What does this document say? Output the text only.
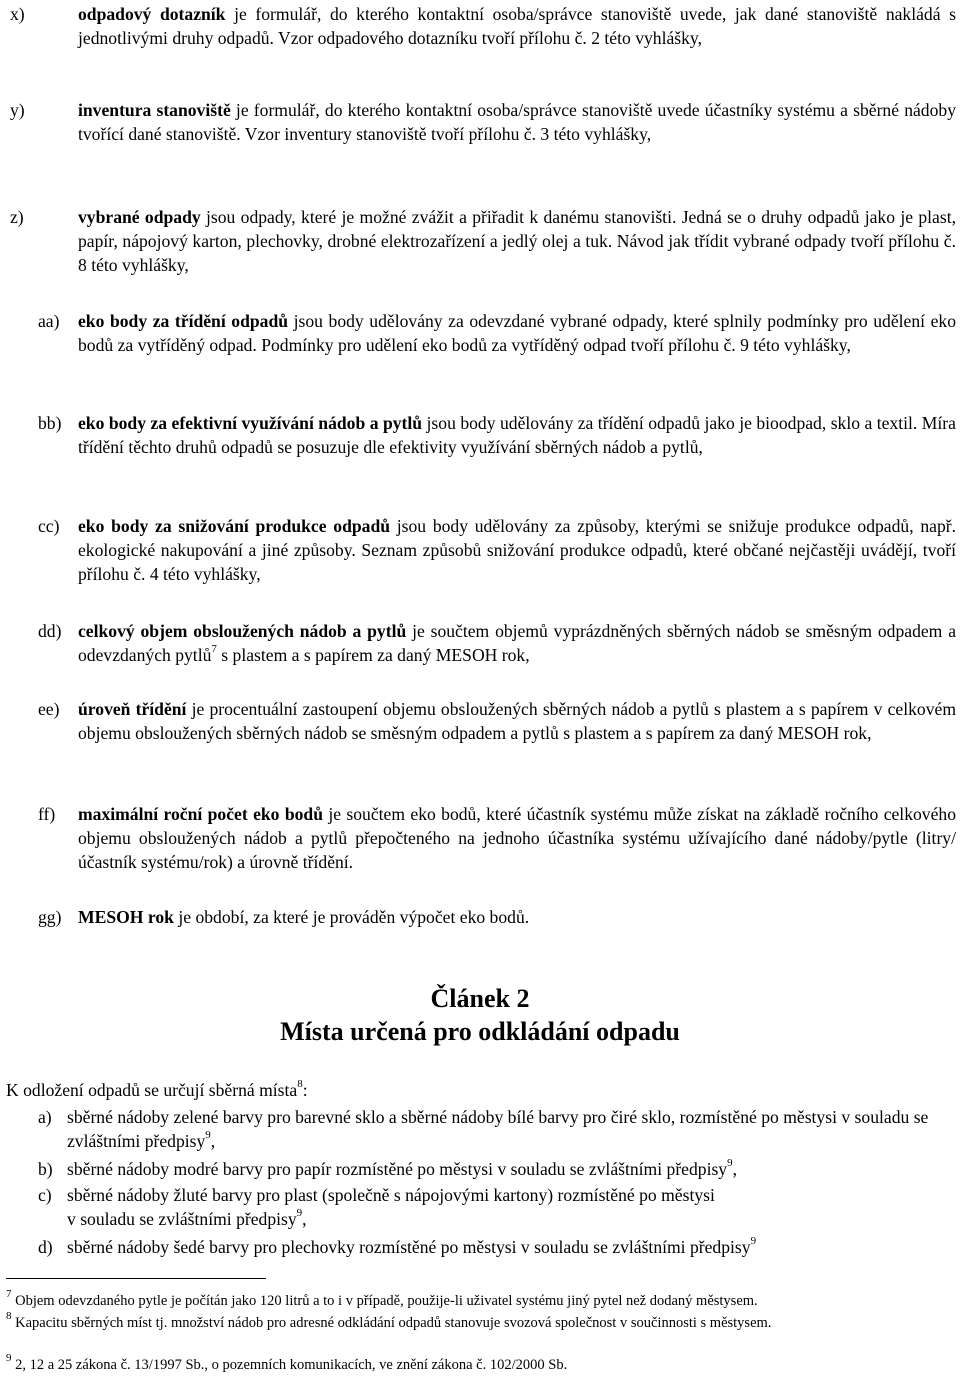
x)	odpadový dotazník je formulář, do kterého kontaktní osoba/správce stanoviště uvede, jak dané stanoviště nakládá s jednotlivými druhy odpadů. Vzor odpadového dotazníku tvoří přílohu č. 2 této vyhlášky,
y)	inventura stanoviště je formulář, do kterého kontaktní osoba/správce stanoviště uvede účastníky systému a sběrné nádoby tvořící dané stanoviště. Vzor inventury stanoviště tvoří přílohu č. 3 této vyhlášky,
z)	vybrané odpady jsou odpady, které je možné zvážit a přiřadit k danému stanovišti. Jedná se o druhy odpadů jako je plast, papír, nápojový karton, plechovky, drobné elektrozařízení a jedlý olej a tuk. Návod jak třídit vybrané odpady tvoří přílohu č. 8 této vyhlášky,
aa) eko body za třídění odpadů jsou body udělovány za odevzdané vybrané odpady, které splnily podmínky pro udělení eko bodů za vytříděný odpad. Podmínky pro udělení eko bodů za vytříděný odpad tvoří přílohu č. 9 této vyhlášky,
bb) eko body za efektivní využívání nádob a pytlů jsou body udělovány za třídění odpadů jako je bioodpad, sklo a textil. Míra třídění těchto druhů odpadů se posuzuje dle efektivity využívání sběrných nádob a pytlů,
cc) eko body za snižování produkce odpadů jsou body udělovány za způsoby, kterými se snižuje produkce odpadů, např. ekologické nakupování a jiné způsoby. Seznam způsobů snižování produkce odpadů, které občané nejčastěji uvádějí, tvoří přílohu č. 4 této vyhlášky,
dd) celkový objem obsloužených nádob a pytlů je součtem objemů vyprázdněných sběrných nádob se směsným odpadem a odevzdaných pytlů$^7$ s plastem a s papírem za daný MESOH rok,
ee) úroveň třídění je procentuální zastoupení objemu obsloužených sběrných nádob a pytlů s plastem a s papírem v celkovém objemu obsloužených sběrných nádob se směsným odpadem a pytlů s plastem a s papírem za daný MESOH rok,
ff) maximální roční počet eko bodů je součtem eko bodů, které účastník systému může získat na základě ročního celkového objemu obsloužených nádob a pytlů přepočteného na jednoho účastníka systému užívajícího dané nádoby/pytle (litry/účastník systému/rok) a úrovně třídění.
gg) MESOH rok je období, za které je prováděn výpočet eko bodů.
Článek 2
Místa určená pro odkládání odpadu
K odložení odpadů se určují sběrná místa$^8$:
a) sběrné nádoby zelené barvy pro barevné sklo a sběrné nádoby bílé barvy pro čiré sklo, rozmístěné po městysi v souladu se zvláštními předpisy$^9$,
b) sběrné nádoby modré barvy pro papír rozmístěné po městysi v souladu se zvláštními předpisy$^9$,
c) sběrné nádoby žluté barvy pro plast (společně s nápojovými kartony) rozmístěné po městysi
v souladu se zvláštními předpisy$^9$,
d) sběrné nádoby šedé barvy pro plechovky rozmístěné po městysi v souladu se zvláštními předpisy$^9$
$^7$ Objem odevzdaného pytle je počítán jako 120 litrů a to i v případě, použije-li uživatel systému jiný pytel než dodaný městysem.
$^8$ Kapacitu sběrných míst tj. množství nádob pro adresné odkládání odpadů stanovuje svozová společnost v součinnosti s městysem.
$^9$ 2, 12 a 25 zákona č. 13/1997 Sb., o pozemních komunikacích, ve znění zákona č. 102/2000 Sb.
